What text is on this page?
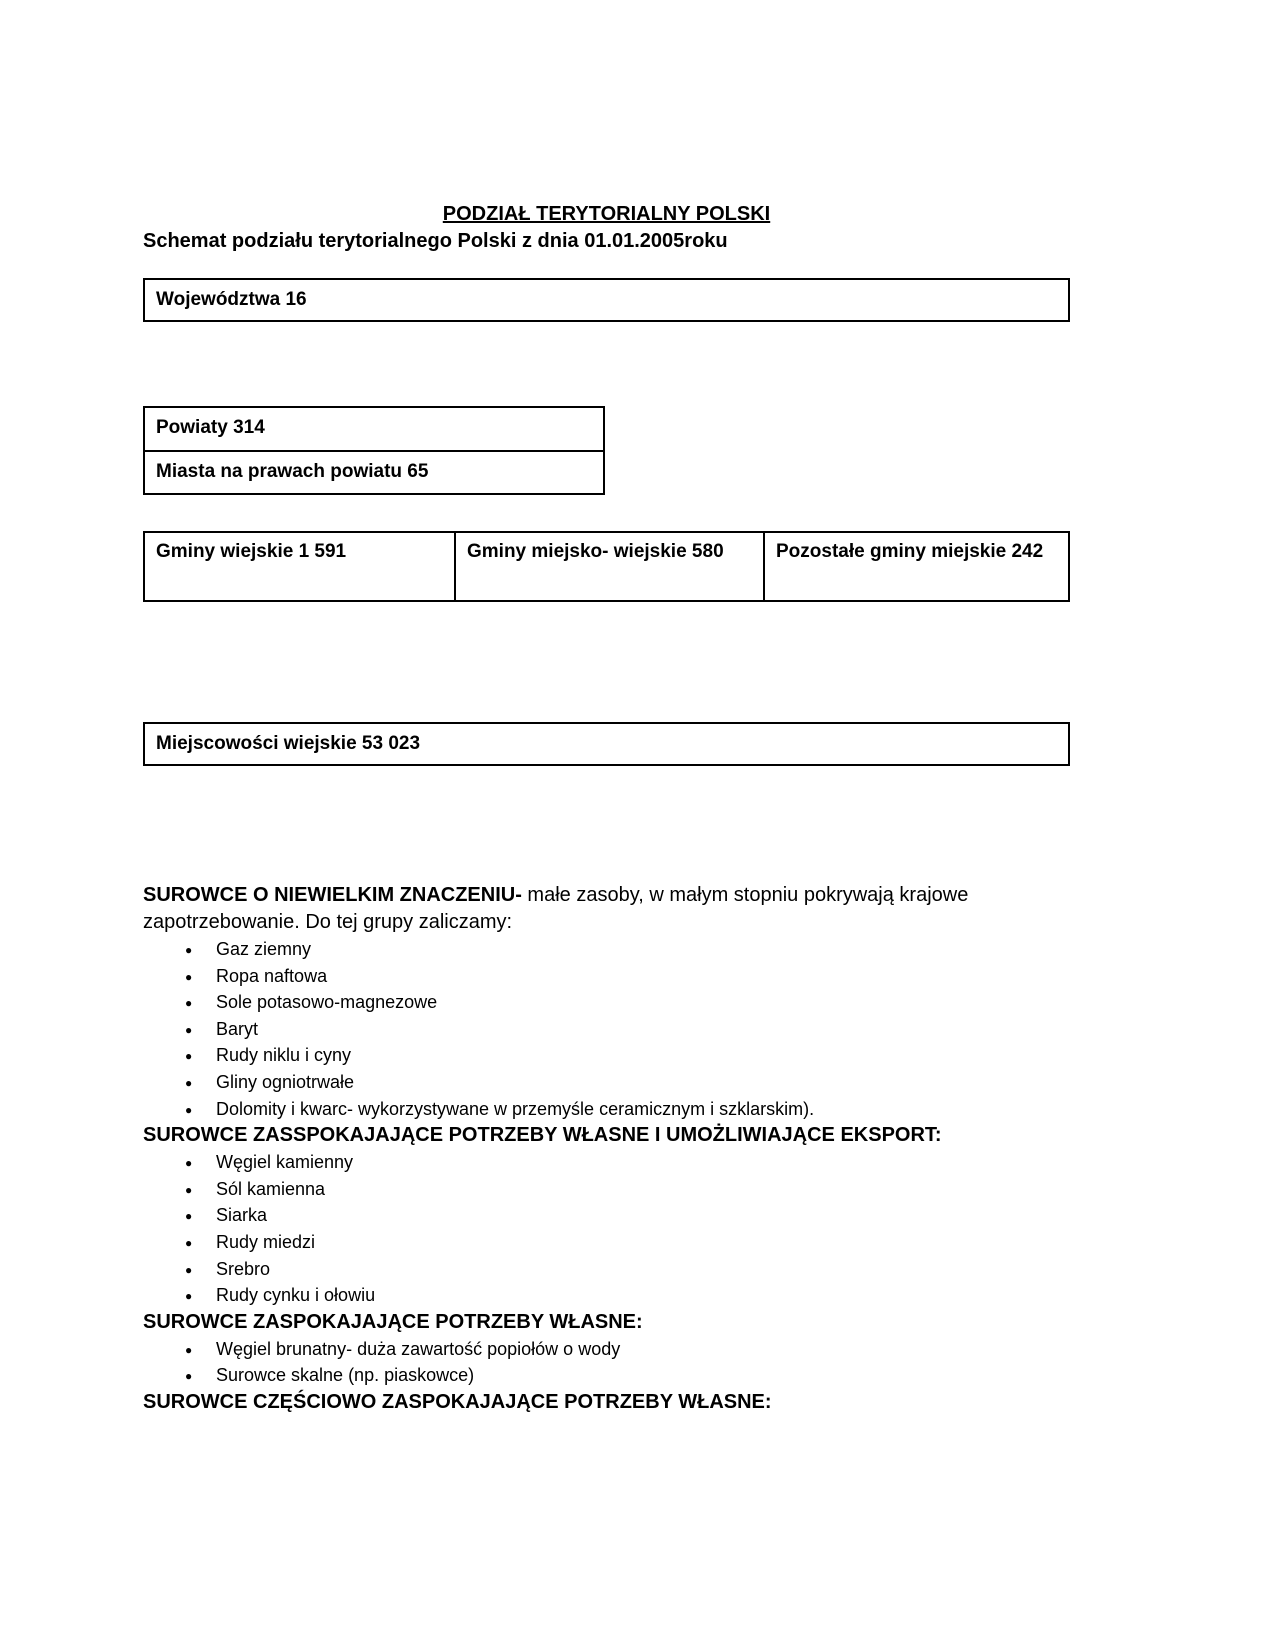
PODZIAŁ TERYTORIALNY POLSKI

Schemat podziału terytorialnego Polski z dnia 01.01.2005roku

Województwa 16
Powiaty 314
Miasta na prawach powiatu 65
Gminy wiejskie 1 591	Gminy miejsko- wiejskie 580	Pozostałe gminy miejskie 242
Miejscowości wiejskie 53 023

SUROWCE O NIEWIELKIM ZNACZENIU- małe zasoby, w małym stopniu pokrywają krajowe zapotrzebowanie. Do tej grupy zaliczamy:

● Gaz ziemny
● Ropa naftowa
● Sole potasowo-magnezowe
● Baryt
● Rudy niklu i cyny
● Gliny ogniotrwałe
● Dolomity i kwarc- wykorzystywane w przemyśle ceramicznym i szklarskim).

SUROWCE ZASSPOKAJAJĄCE POTRZEBY WŁASNE I UMOŻLIWIAJĄCE EKSPORT:

● Węgiel kamienny
● Sól kamienna
● Siarka
● Rudy miedzi
● Srebro
● Rudy cynku i ołowiu

SUROWCE ZASPOKAJAJĄCE POTRZEBY WŁASNE:

● Węgiel brunatny- duża zawartość popiołów o wody
● Surowce skalne (np. piaskowce)

SUROWCE CZĘŚCIOWO ZASPOKAJAJĄCE POTRZEBY WŁASNE:
